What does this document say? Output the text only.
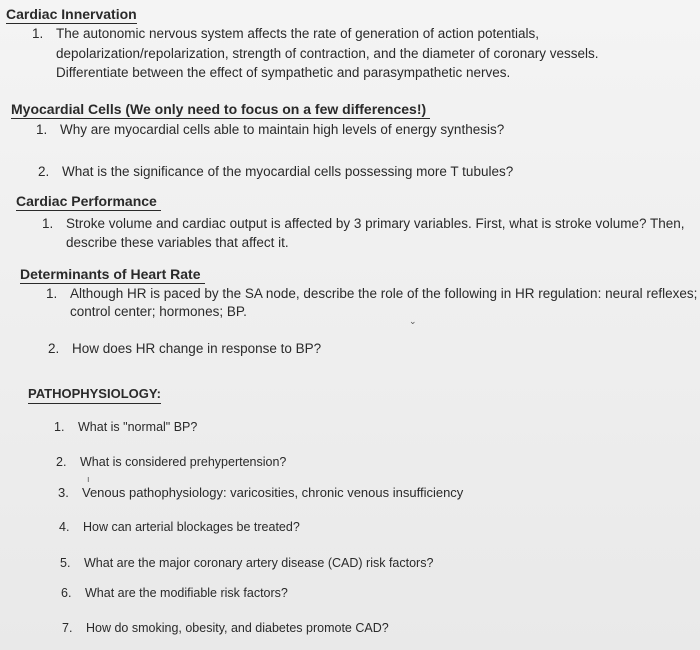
Cardiac Innervation
1. The autonomic nervous system affects the rate of generation of action potentials,
depolarization/repolarization, strength of contraction, and the diameter of coronary vessels.
Differentiate between the effect of sympathetic and parasympathetic nerves.
Myocardial Cells (We only need to focus on a few differences!)
1. Why are myocardial cells able to maintain high levels of energy synthesis?
2. What is the significance of the myocardial cells possessing more T tubules?
Cardiac Performance
1. Stroke volume and cardiac output is affected by 3 primary variables. First, what is stroke volume? Then,
describe these variables that affect it.
Determinants of Heart Rate
1. Although HR is paced by the SA node, describe the role of the following in HR regulation: neural reflexes;
control center; hormones; BP.
⌄
2. How does HR change in response to BP?
PATHOPHYSIOLOGY:
1. What is "normal" BP?
2. What is considered prehypertension?
ı
3. Venous pathophysiology: varicosities, chronic venous insufficiency
4. How can arterial blockages be treated?
5. What are the major coronary artery disease (CAD) risk factors?
6. What are the modifiable risk factors?
7. How do smoking, obesity, and diabetes promote CAD?
